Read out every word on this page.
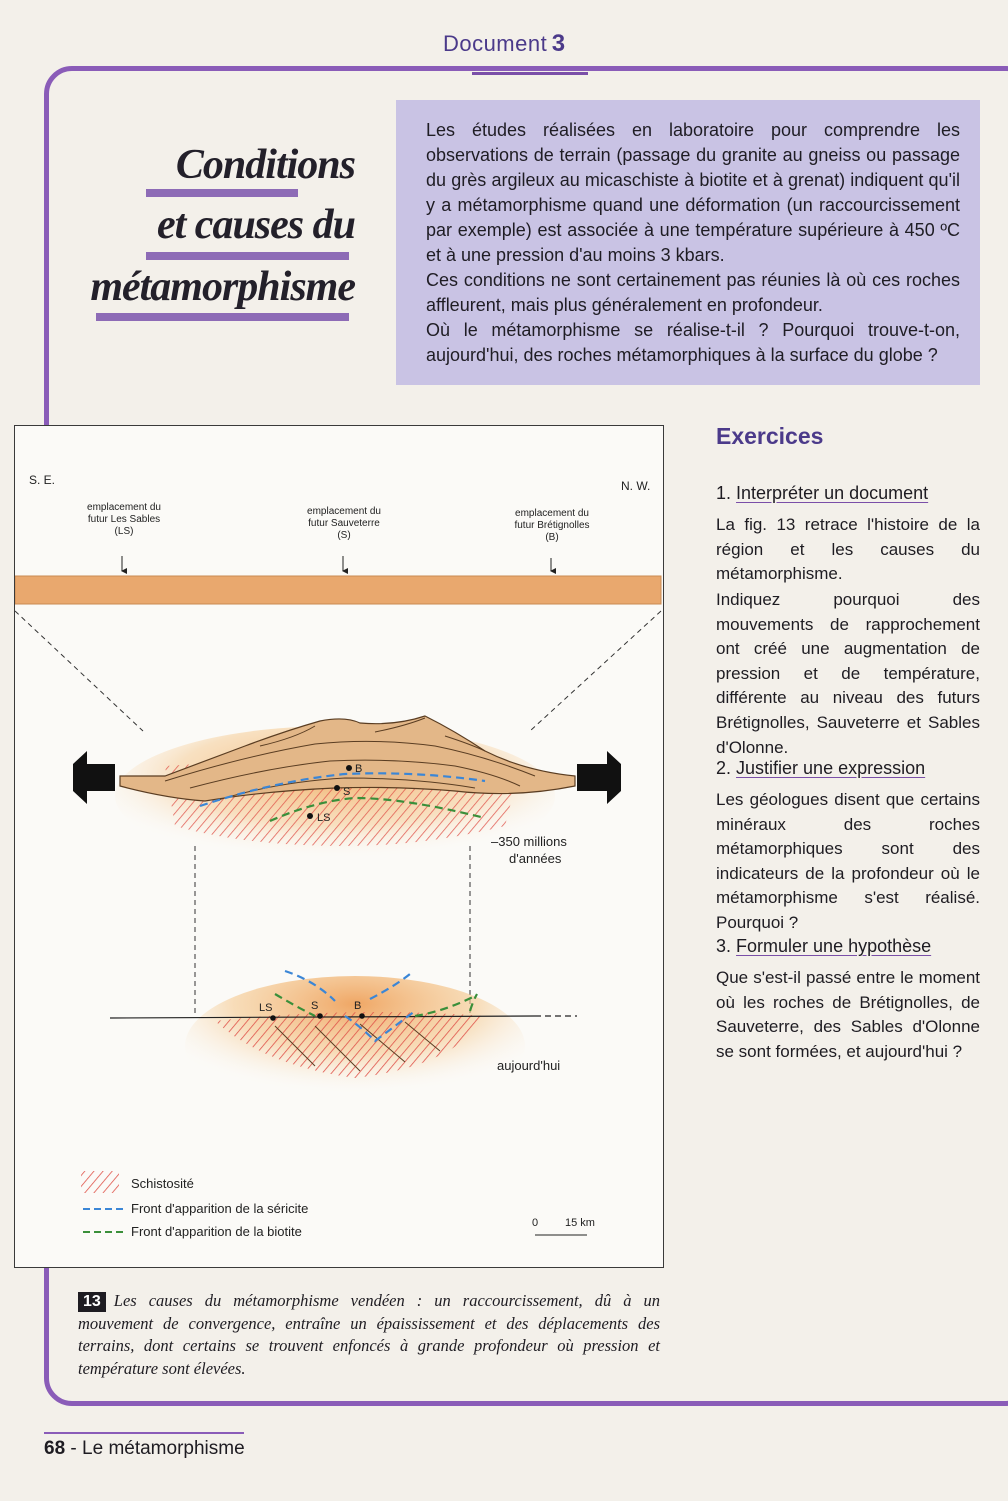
Document 3
Conditions
et causes du
métamorphisme

Les études réalisées en laboratoire pour comprendre les observations de terrain (passage du granite au gneiss ou passage du grès argileux au micaschiste à biotite et à grenat) indiquent qu'il y a métamorphisme quand une déformation (un raccourcissement par exemple) est associée à une température supérieure à 450 ºC et à une pression d'au moins 3 kbars.

Ces conditions ne sont certainement pas réunies là où ces roches affleurent, mais plus généralement en profondeur.

Où le métamorphisme se réalise-t-il ? Pourquoi trouve-t-on, aujourd'hui, des roches métamorphiques à la surface du globe ?

S. E.	N. W.
emplacement du
futur Les Sables
(LS)
emplacement du
futur Sauveterre
(S)
emplacement du
futur Brétignolles
(B)
B
S
LS
–350 millions
d'années
LS	S	B
aujourd'hui
Schistosité
Front d'apparition de la séricite
Front d'apparition de la biotite
0 15 km
13 Les causes du métamorphisme vendéen : un raccourcissement, dû à un mouvement de convergence, entraîne un épaississement et des déplacements des terrains, dont certains se trouvent enfoncés à grande profondeur où pression et température sont élevées.
Exercices
1. Interpréter un document

La fig. 13 retrace l'histoire de la région et les causes du métamorphisme.

Indiquez pourquoi des mouvements de rapprochement ont créé une augmentation de pression et de température, différente au niveau des futurs Brétignolles, Sauveterre et Sables d'Olonne.

2. Justifier une expression

Les géologues disent que certains minéraux des roches métamorphiques sont des indicateurs de la profondeur où le métamorphisme s'est réalisé. Pourquoi ?

3. Formuler une hypothèse

Que s'est-il passé entre le moment où les roches de Brétignolles, de Sauveterre, des Sables d'Olonne se sont formées, et aujourd'hui ?

68 - Le métamorphisme
